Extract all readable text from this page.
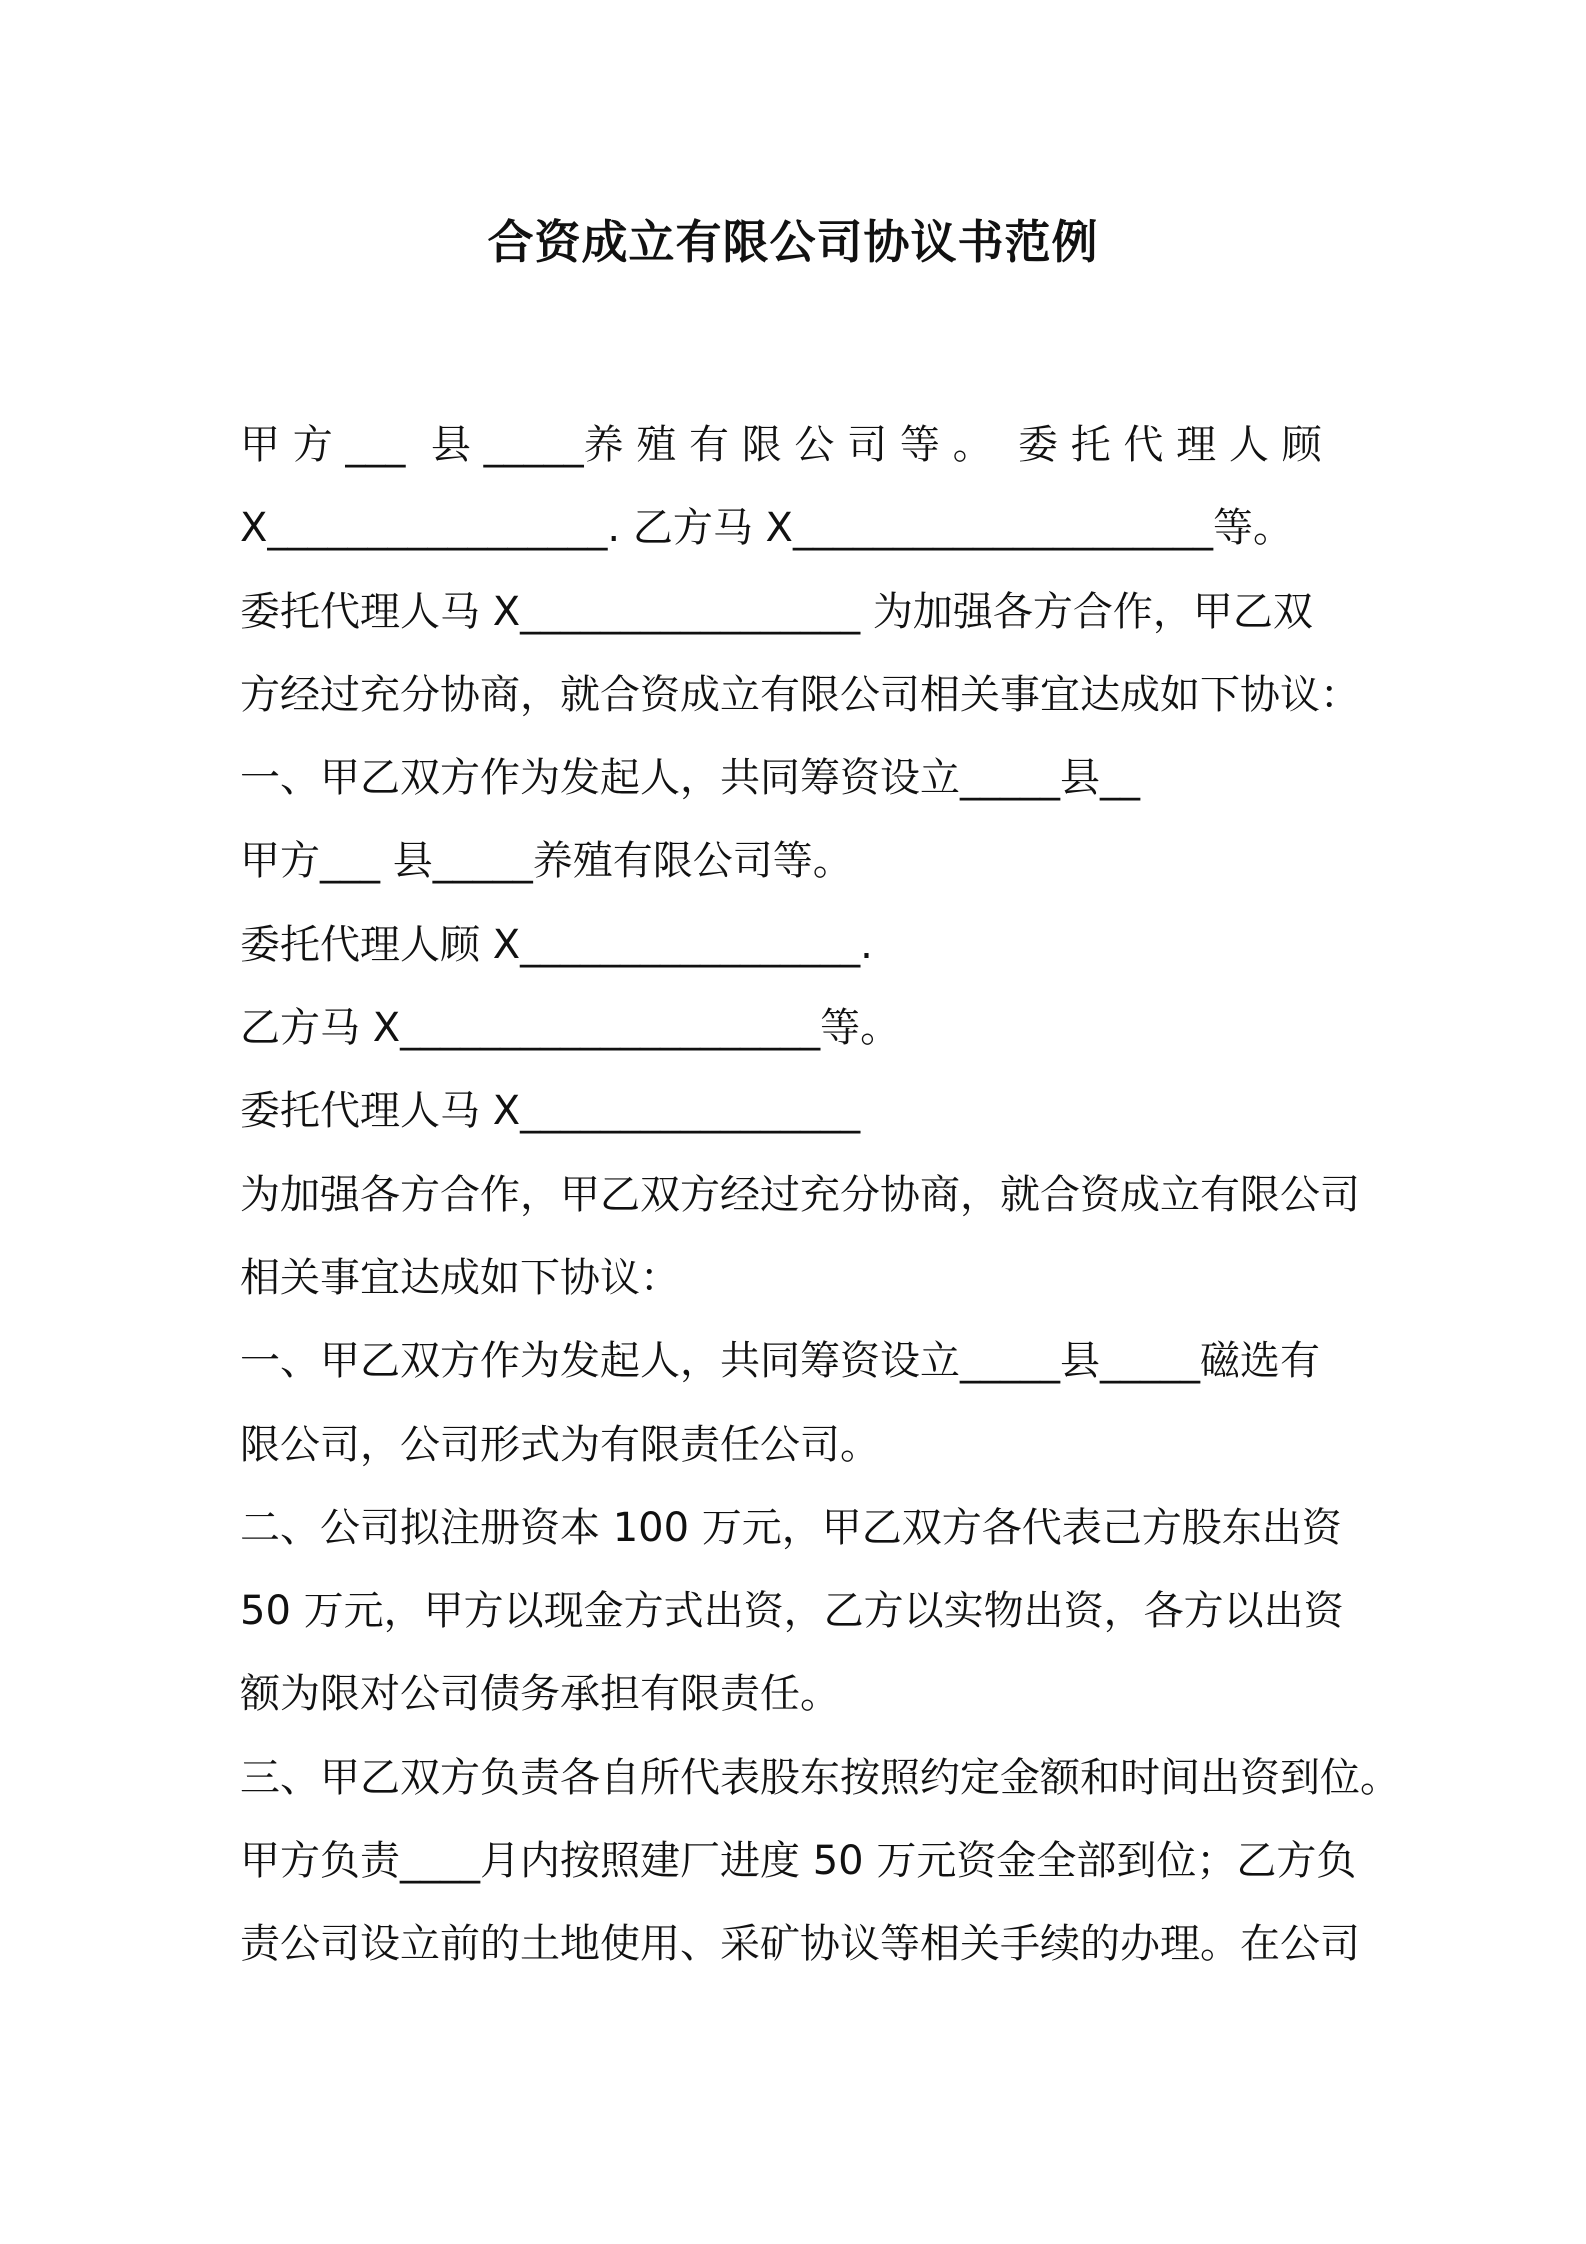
合资成立有限公司协议书范例
甲 方 ___  县 _____养 殖 有 限 公 司 等 。  委 托 代 理 人 顾
X_________________. 乙方马 X_____________________等。
委托代理人马 X_________________ 为加强各方合作，甲乙双
方经过充分协商，就合资成立有限公司相关事宜达成如下协议：
一、甲乙双方作为发起人，共同筹资设立_____县__
甲方___ 县_____养殖有限公司等。
委托代理人顾 X_________________.
乙方马 X_____________________等。
委托代理人马 X_________________
为加强各方合作，甲乙双方经过充分协商，就合资成立有限公司
相关事宜达成如下协议：
一、甲乙双方作为发起人，共同筹资设立_____县_____磁选有
限公司，公司形式为有限责任公司。
二、公司拟注册资本 100 万元，甲乙双方各代表己方股东出资
50 万元，甲方以现金方式出资，乙方以实物出资，各方以出资
额为限对公司债务承担有限责任。
三、甲乙双方负责各自所代表股东按照约定金额和时间出资到位。
甲方负责____月内按照建厂进度 50 万元资金全部到位；乙方负
责公司设立前的土地使用、采矿协议等相关手续的办理。在公司
